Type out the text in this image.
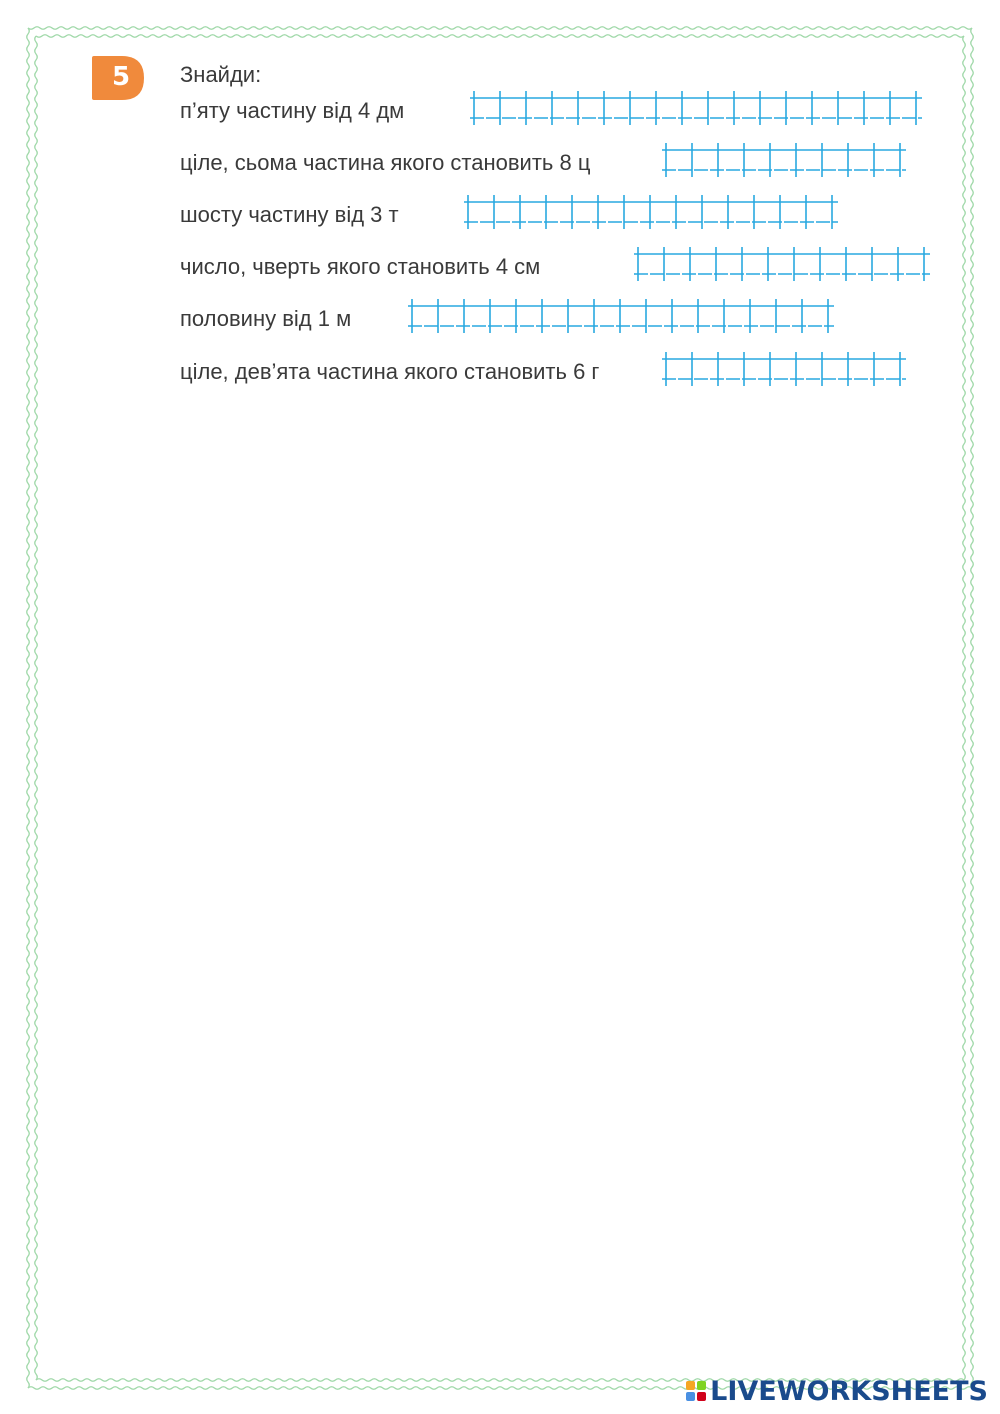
5	Знайди:
п’яту частину від 4 дм
ціле, сьома частина якого становить 8 ц
шосту частину від 3 т
число, чверть якого становить 4 см
половину від 1 м
ціле, дев’ята частина якого становить 6 г
LIVEWORKSHEETS
